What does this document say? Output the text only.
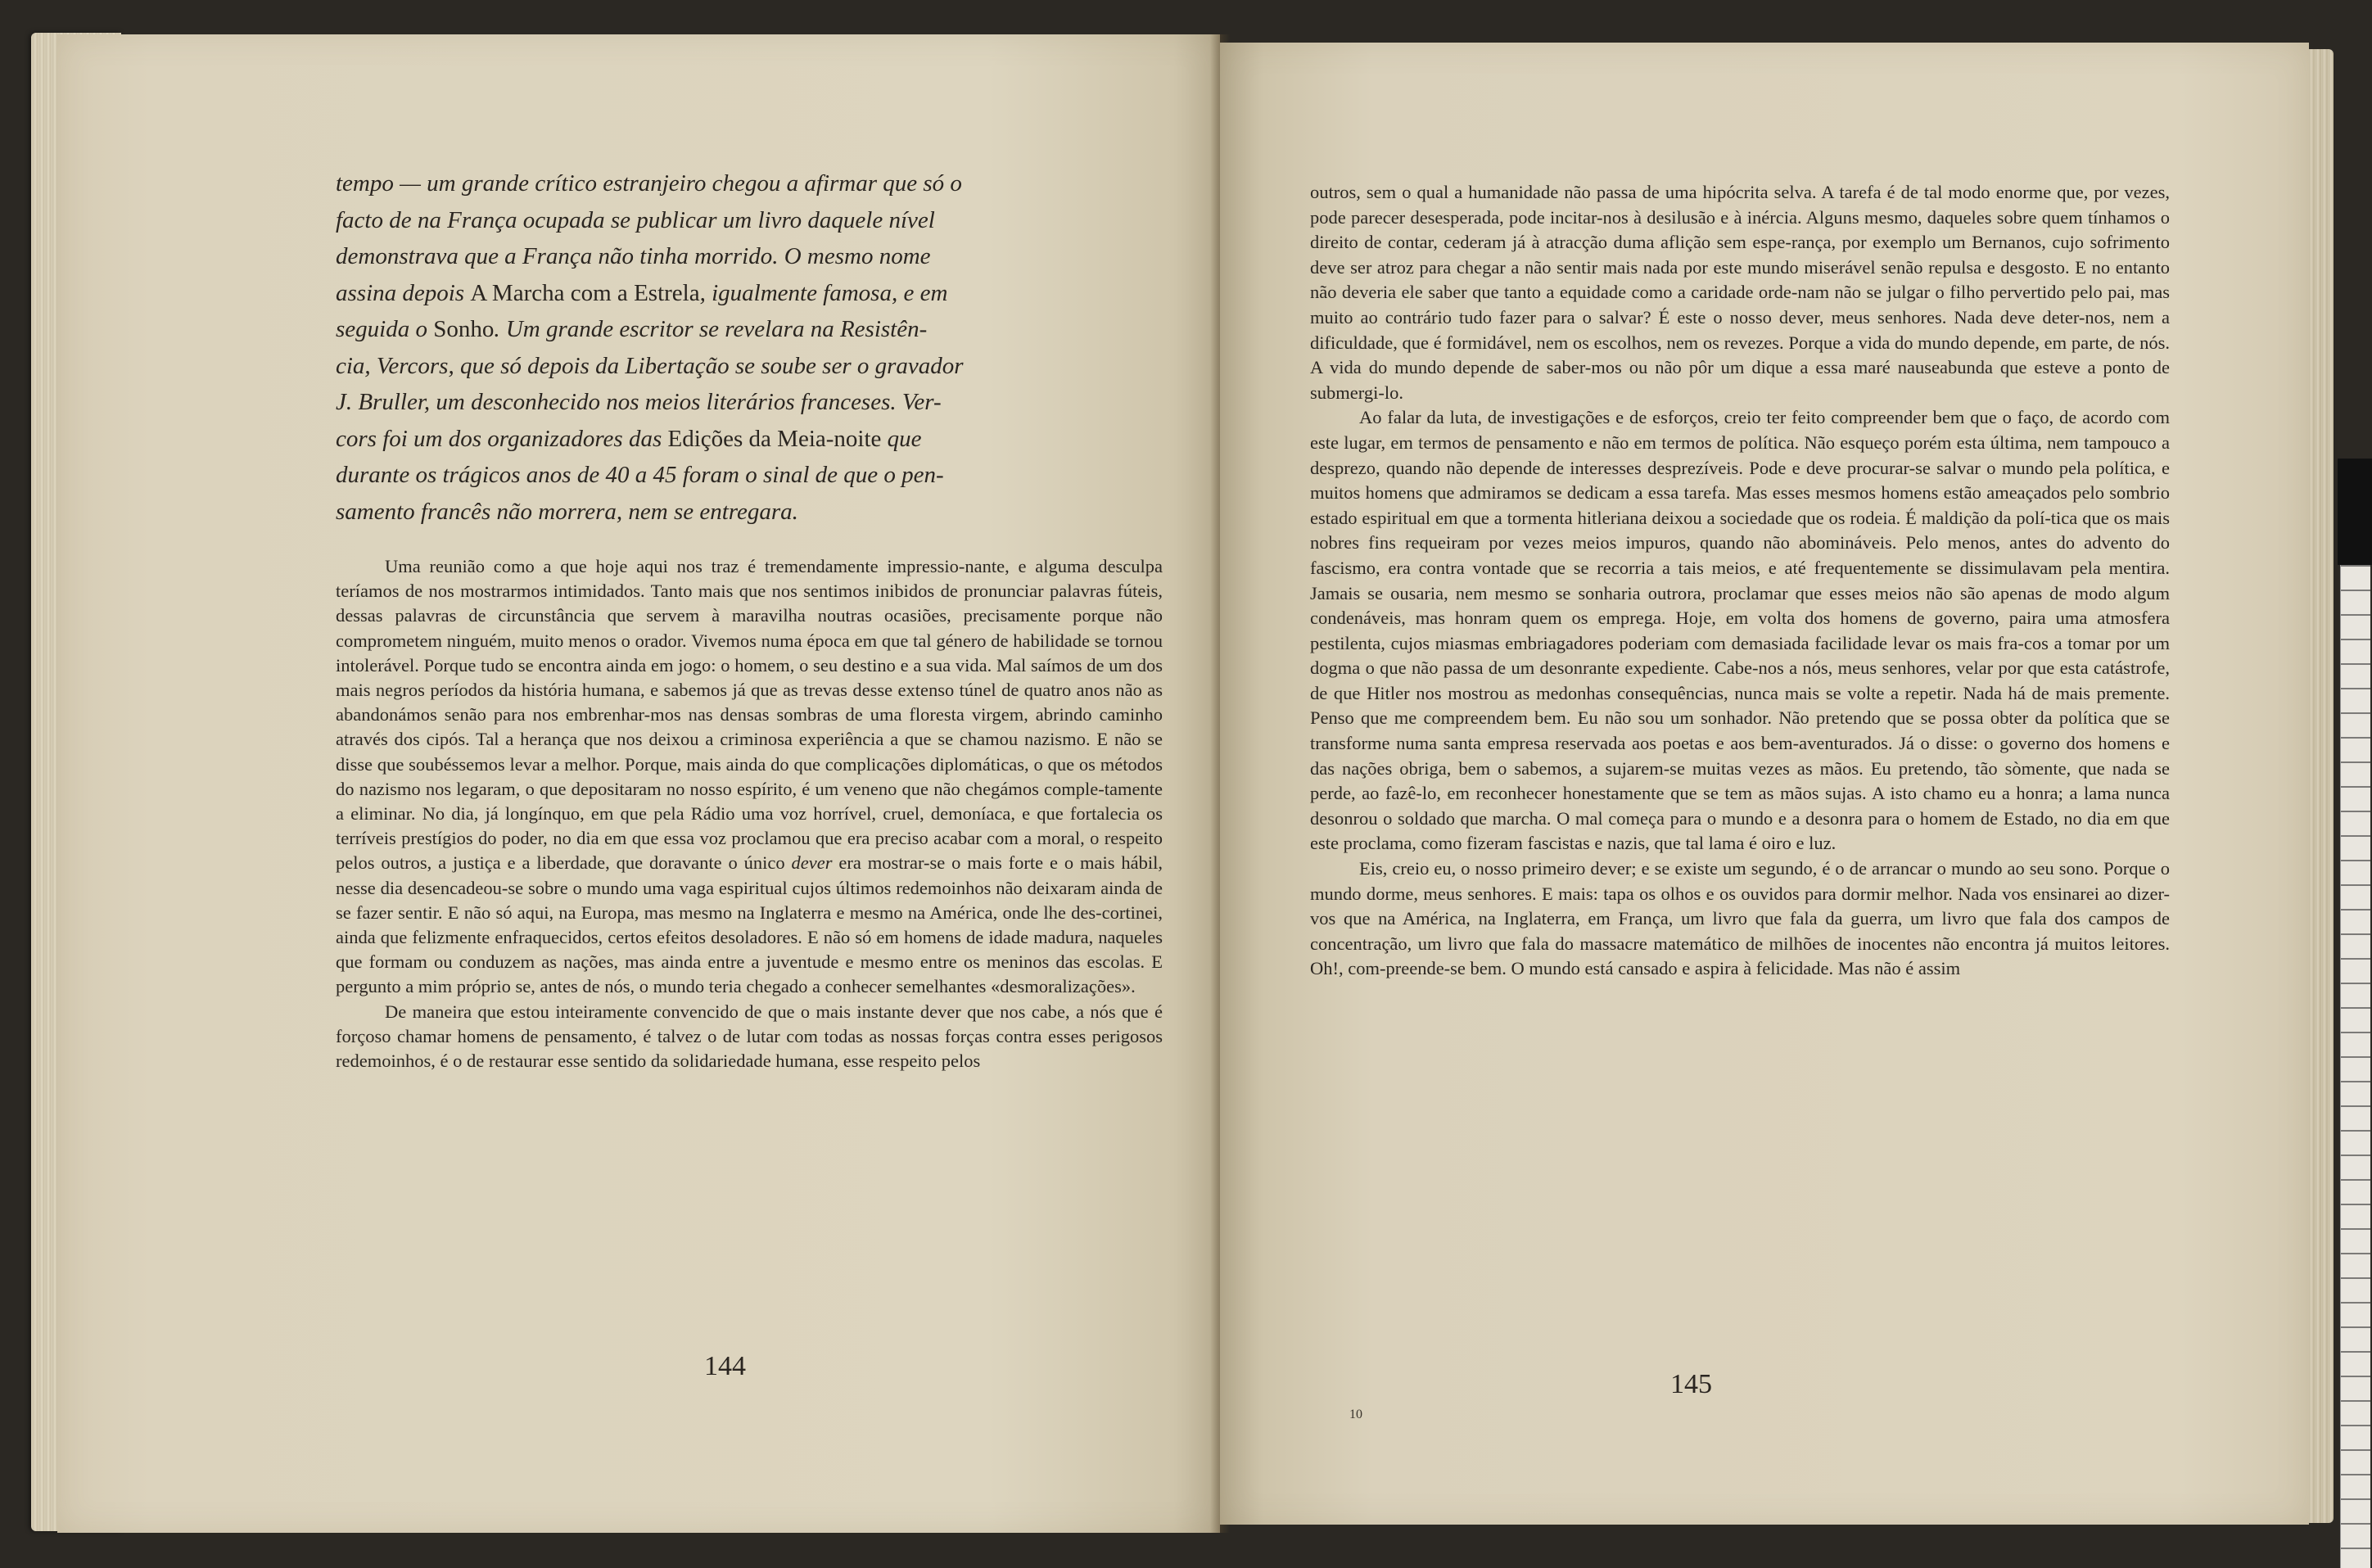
tempo — um grande crítico estranjeiro chegou a afirmar que só o
facto de na França ocupada se publicar um livro daquele nível
demonstrava que a França não tinha morrido. O mesmo nome
assina depois A Marcha com a Estrela, igualmente famosa, e em
seguida o Sonho. Um grande escritor se revelara na Resistên-
cia, Vercors, que só depois da Libertação se soube ser o gravador
J. Bruller, um desconhecido nos meios literários franceses. Ver-
cors foi um dos organizadores das Edições da Meia-noite que
durante os trágicos anos de 40 a 45 foram o sinal de que o pen-
samento francês não morrera, nem se entregara.

Uma reunião como a que hoje aqui nos traz é tremendamente impressio-nante, e alguma desculpa teríamos de nos mostrarmos intimidados. Tanto mais que nos sentimos inibidos de pronunciar palavras fúteis, dessas palavras de circunstância que servem à maravilha noutras ocasiões, precisamente porque não comprometem ninguém, muito menos o orador. Vivemos numa época em que tal género de habilidade se tornou intolerável. Porque tudo se encontra ainda em jogo: o homem, o seu destino e a sua vida. Mal saímos de um dos mais negros períodos da história humana, e sabemos já que as trevas desse extenso túnel de quatro anos não as abandonámos senão para nos embrenhar-mos nas densas sombras de uma floresta virgem, abrindo caminho através dos cipós. Tal a herança que nos deixou a criminosa experiência a que se chamou nazismo. E não se disse que soubéssemos levar a melhor. Porque, mais ainda do que complicações diplomáticas, o que os métodos do nazismo nos legaram, o que depositaram no nosso espírito, é um veneno que não chegámos comple-tamente a eliminar. No dia, já longínquo, em que pela Rádio uma voz horrível, cruel, demoníaca, e que fortalecia os terríveis prestígios do poder, no dia em que essa voz proclamou que era preciso acabar com a moral, o respeito pelos outros, a justiça e a liberdade, que doravante o único dever era mostrar-se o mais forte e o mais hábil, nesse dia desencadeou-se sobre o mundo uma vaga espiritual cujos últimos redemoinhos não deixaram ainda de se fazer sentir. E não só aqui, na Europa, mas mesmo na Inglaterra e mesmo na América, onde lhe des-cortinei, ainda que felizmente enfraquecidos, certos efeitos desoladores. E não só em homens de idade madura, naqueles que formam ou conduzem as nações, mas ainda entre a juventude e mesmo entre os meninos das escolas. E pergunto a mim próprio se, antes de nós, o mundo teria chegado a conhecer semelhantes «desmoralizações».

De maneira que estou inteiramente convencido de que o mais instante dever que nos cabe, a nós que é forçoso chamar homens de pensamento, é talvez o de lutar com todas as nossas forças contra esses perigosos redemoinhos, é o de restaurar esse sentido da solidariedade humana, esse respeito pelos

144

outros, sem o qual a humanidade não passa de uma hipócrita selva. A tarefa é de tal modo enorme que, por vezes, pode parecer desesperada, pode incitar-nos à desilusão e à inércia. Alguns mesmo, daqueles sobre quem tínhamos o direito de contar, cederam já à atracção duma aflição sem espe-rança, por exemplo um Bernanos, cujo sofrimento deve ser atroz para chegar a não sentir mais nada por este mundo miserável senão repulsa e desgosto. E no entanto não deveria ele saber que tanto a equidade como a caridade orde-nam não se julgar o filho pervertido pelo pai, mas muito ao contrário tudo fazer para o salvar? É este o nosso dever, meus senhores. Nada deve deter-nos, nem a dificuldade, que é formidável, nem os escolhos, nem os revezes. Porque a vida do mundo depende, em parte, de nós. A vida do mundo depende de saber-mos ou não pôr um dique a essa maré nauseabunda que esteve a ponto de submergi-lo.

Ao falar da luta, de investigações e de esforços, creio ter feito compreender bem que o faço, de acordo com este lugar, em termos de pensamento e não em termos de política. Não esqueço porém esta última, nem tampouco a desprezo, quando não depende de interesses desprezíveis. Pode e deve procurar-se salvar o mundo pela política, e muitos homens que admiramos se dedicam a essa tarefa. Mas esses mesmos homens estão ameaçados pelo sombrio estado espiritual em que a tormenta hitleriana deixou a sociedade que os rodeia. É maldição da polí-tica que os mais nobres fins requeiram por vezes meios impuros, quando não abomináveis. Pelo menos, antes do advento do fascismo, era contra vontade que se recorria a tais meios, e até frequentemente se dissimulavam pela mentira. Jamais se ousaria, nem mesmo se sonharia outrora, proclamar que esses meios não são apenas de modo algum condenáveis, mas honram quem os emprega. Hoje, em volta dos homens de governo, paira uma atmosfera pestilenta, cujos miasmas embriagadores poderiam com demasiada facilidade levar os mais fra-cos a tomar por um dogma o que não passa de um desonrante expediente. Cabe-nos a nós, meus senhores, velar por que esta catástrofe, de que Hitler nos mostrou as medonhas consequências, nunca mais se volte a repetir. Nada há de mais premente. Penso que me compreendem bem. Eu não sou um sonhador. Não pretendo que se possa obter da política que se transforme numa santa empresa reservada aos poetas e aos bem-aventurados. Já o disse: o governo dos homens e das nações obriga, bem o sabemos, a sujarem-se muitas vezes as mãos. Eu pretendo, tão sòmente, que nada se perde, ao fazê-lo, em reconhecer honestamente que se tem as mãos sujas. A isto chamo eu a honra; a lama nunca desonrou o soldado que marcha. O mal começa para o mundo e a desonra para o homem de Estado, no dia em que este proclama, como fizeram fascistas e nazis, que tal lama é oiro e luz.

Eis, creio eu, o nosso primeiro dever; e se existe um segundo, é o de arrancar o mundo ao seu sono. Porque o mundo dorme, meus senhores. E mais: tapa os olhos e os ouvidos para dormir melhor. Nada vos ensinarei ao dizer-vos que na América, na Inglaterra, em França, um livro que fala da guerra, um livro que fala dos campos de concentração, um livro que fala do massacre matemático de milhões de inocentes não encontra já muitos leitores. Oh!, com-preende-se bem. O mundo está cansado e aspira à felicidade. Mas não é assim

145
10
